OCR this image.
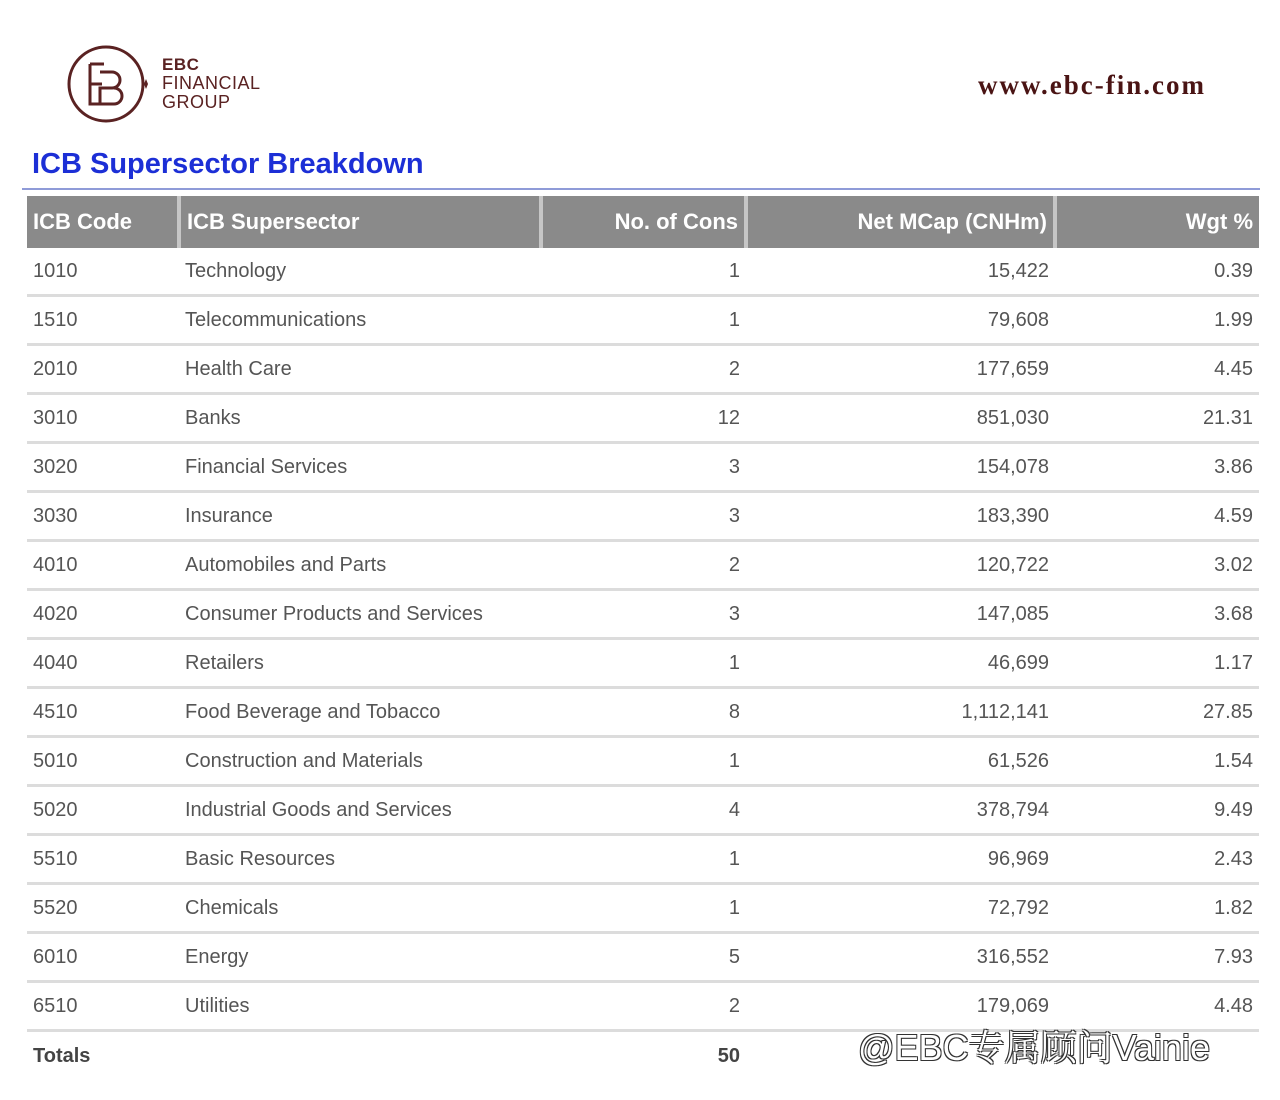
EBC
FINANCIAL
GROUP
www.ebc-fin.com
ICB Supersector Breakdown
ICB Code	ICB Supersector	No. of Cons	Net MCap (CNHm)	Wgt %
1010	Technology	1	15,422	0.39
1510	Telecommunications	1	79,608	1.99
2010	Health Care	2	177,659	4.45
3010	Banks	12	851,030	21.31
3020	Financial Services	3	154,078	3.86
3030	Insurance	3	183,390	4.59
4010	Automobiles and Parts	2	120,722	3.02
4020	Consumer Products and Services	3	147,085	3.68
4040	Retailers	1	46,699	1.17
4510	Food Beverage and Tobacco	8	1,112,141	27.85
5010	Construction and Materials	1	61,526	1.54
5020	Industrial Goods and Services	4	378,794	9.49
5510	Basic Resources	1	96,969	2.43
5520	Chemicals	1	72,792	1.82
6010	Energy	5	316,552	7.93
6510	Utilities	2	179,069	4.48
Totals		50			@EBC专属顾问Vainie
